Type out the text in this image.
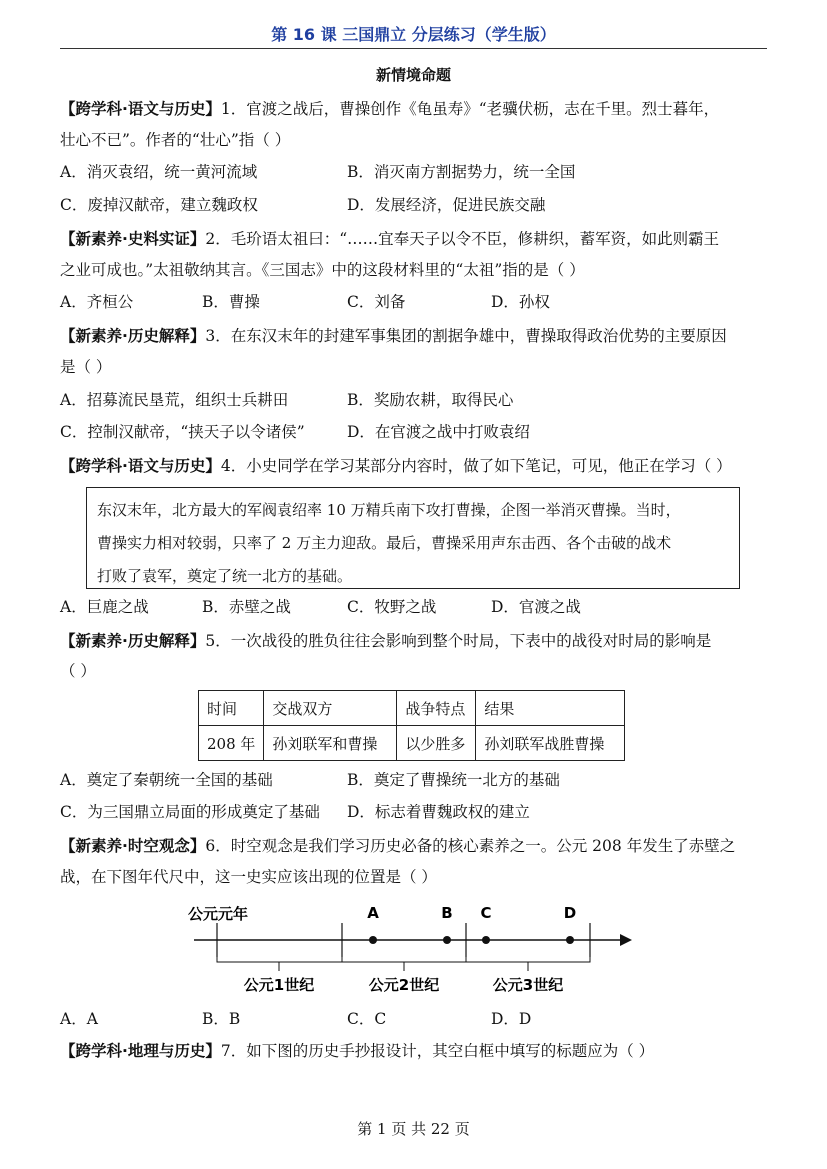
第 16 课 三国鼎立 分层练习（学生版）
新情境命题
【跨学科·语文与历史】1．官渡之战后，曹操创作《龟虽寿》“老骥伏枥，志在千里。烈士暮年，
壮心不已”。作者的“壮心”指（ ）
A．消灭袁绍，统一黄河流域	B．消灭南方割据势力，统一全国
C．废掉汉献帝，建立魏政权	D．发展经济，促进民族交融
【新素养·史料实证】2．毛玠语太祖曰：“……宜奉天子以令不臣，修耕织，蓄军资，如此则霸王
之业可成也。”太祖敬纳其言。《三国志》中的这段材料里的“太祖”指的是（ ）
A．齐桓公	B．曹操	C．刘备	D．孙权
【新素养·历史解释】3．在东汉末年的封建军事集团的割据争雄中，曹操取得政治优势的主要原因
是（ ）
A．招募流民垦荒，组织士兵耕田	B．奖励农耕，取得民心
C．控制汉献帝，“挟天子以令诸侯”	D．在官渡之战中打败袁绍
【跨学科·语文与历史】4．小史同学在学习某部分内容时，做了如下笔记，可见，他正在学习（ ）
东汉末年，北方最大的军阀袁绍率 10 万精兵南下攻打曹操，企图一举消灭曹操。当时，
曹操实力相对较弱，只率了 2 万主力迎敌。最后，曹操采用声东击西、各个击破的战术
打败了袁军，奠定了统一北方的基础。
A．巨鹿之战	B．赤壁之战	C．牧野之战	D．官渡之战
【新素养·历史解释】5．一次战役的胜负往往会影响到整个时局，下表中的战役对时局的影响是
（ ）
时间	交战双方	战争特点	结果
208 年	孙刘联军和曹操	以少胜多	孙刘联军战胜曹操
A．奠定了秦朝统一全国的基础	B．奠定了曹操统一北方的基础
C．为三国鼎立局面的形成奠定了基础 D．标志着曹魏政权的建立
【新素养·时空观念】6．时空观念是我们学习历史必备的核心素养之一。公元 208 年发生了赤壁之
战，在下图年代尺中，这一史实应该出现的位置是（ ）
公元元年	A	B C	D
公元1世纪	公元2世纪	公元3世纪
A．A	B．B	C．C	D．D
【跨学科·地理与历史】7．如下图的历史手抄报设计，其空白框中填写的标题应为（ ）
第 1 页 共 22 页
